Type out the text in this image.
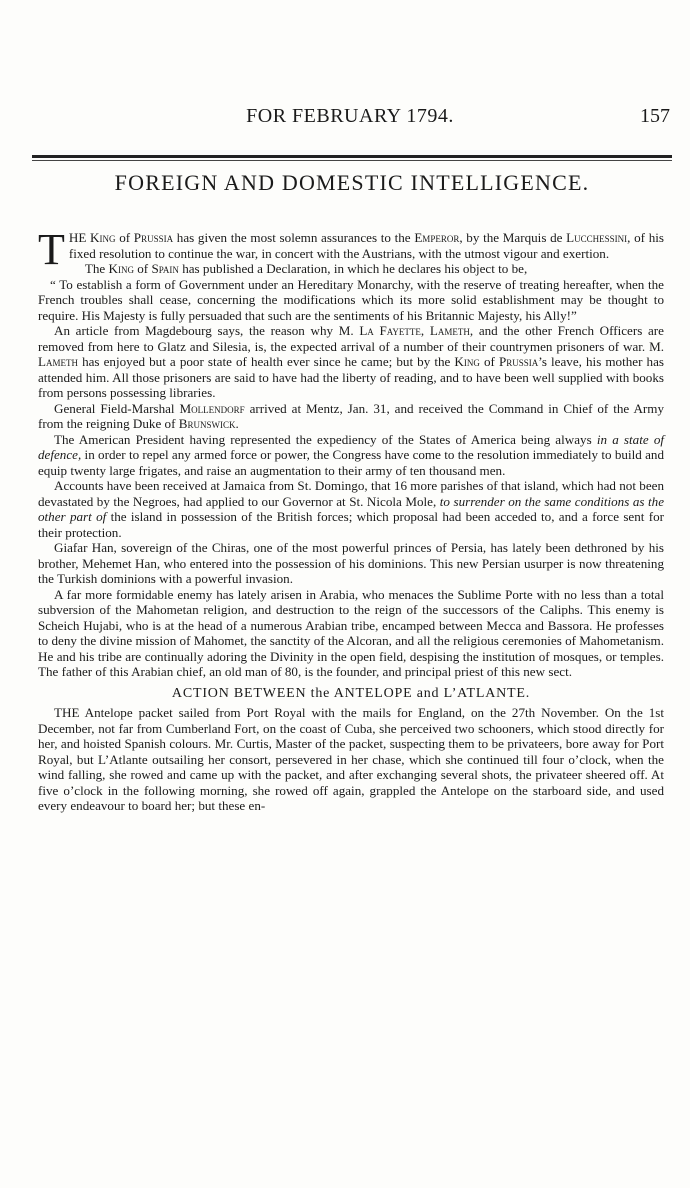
FOR FEBRUARY 1794.	157
FOREIGN AND DOMESTIC INTELLIGENCE.

THE King of Prussia has given the most solemn assurances to the Emperor, by the Marquis de Lucchessini, of his fixed resolution to continue the war, in concert with the Austrians, with the utmost vigour and exertion.

The King of Spain has published a Declaration, in which he declares his object to be,

“ To establish a form of Government under an Hereditary Monarchy, with the reserve of treating hereafter, when the French troubles shall cease, concerning the modifications which its more solid establishment may be thought to require. His Majesty is fully persuaded that such are the sentiments of his Britannic Majesty, his Ally!”

An article from Magdebourg says, the reason why M. La Fayette, Lameth, and the other French Officers are removed from here to Glatz and Silesia, is, the expected arrival of a number of their countrymen prisoners of war. M. Lameth has enjoyed but a poor state of health ever since he came; but by the King of Prussia’s leave, his mother has attended him. All those prisoners are said to have had the liberty of reading, and to have been well supplied with books from persons possessing libraries.

General Field-Marshal Mollendorf arrived at Mentz, Jan. 31, and received the Command in Chief of the Army from the reigning Duke of Brunswick.

The American President having represented the expediency of the States of America being always in a state of defence, in order to repel any armed force or power, the Congress have come to the resolution immediately to build and equip twenty large frigates, and raise an augmentation to their army of ten thousand men.

Accounts have been received at Jamaica from St. Domingo, that 16 more parishes of that island, which had not been devastated by the Negroes, had applied to our Governor at St. Nicola Mole, to surrender on the same conditions as the other part of the island in possession of the British forces; which proposal had been acceded to, and a force sent for their protection.

Giafar Han, sovereign of the Chiras, one of the most powerful princes of Persia, has lately been dethroned by his brother, Mehemet Han, who entered into the possession of his dominions. This new Persian usurper is now threatening the Turkish dominions with a powerful invasion.

A far more formidable enemy has lately arisen in Arabia, who menaces the Sublime Porte with no less than a total subversion of the Mahometan religion, and destruction to the reign of the successors of the Caliphs. This enemy is Scheich Hujabi, who is at the head of a numerous Arabian tribe, encamped between Mecca and Bassora. He professes to deny the divine mission of Mahomet, the sanctity of the Alcoran, and all the religious ceremonies of Mahometanism. He and his tribe are continually adoring the Divinity in the open field, despising the institution of mosques, or temples. The father of this Arabian chief, an old man of 80, is the founder, and principal priest of this new sect.

ACTION BETWEEN the ANTELOPE and L’ATLANTE.

THE Antelope packet sailed from Port Royal with the mails for England, on the 27th November. On the 1st December, not far from Cumberland Fort, on the coast of Cuba, she perceived two schooners, which stood directly for her, and hoisted Spanish colours. Mr. Curtis, Master of the packet, suspecting them to be privateers, bore away for Port Royal, but L’Atlante outsailing her consort, persevered in her chase, which she continued till four o’clock, when the wind falling, she rowed and came up with the packet, and after exchanging several shots, the privateer sheered off. At five o’clock in the following morning, she rowed off again, grappled the Antelope on the starboard side, and used every endeavour to board her; but these en-
